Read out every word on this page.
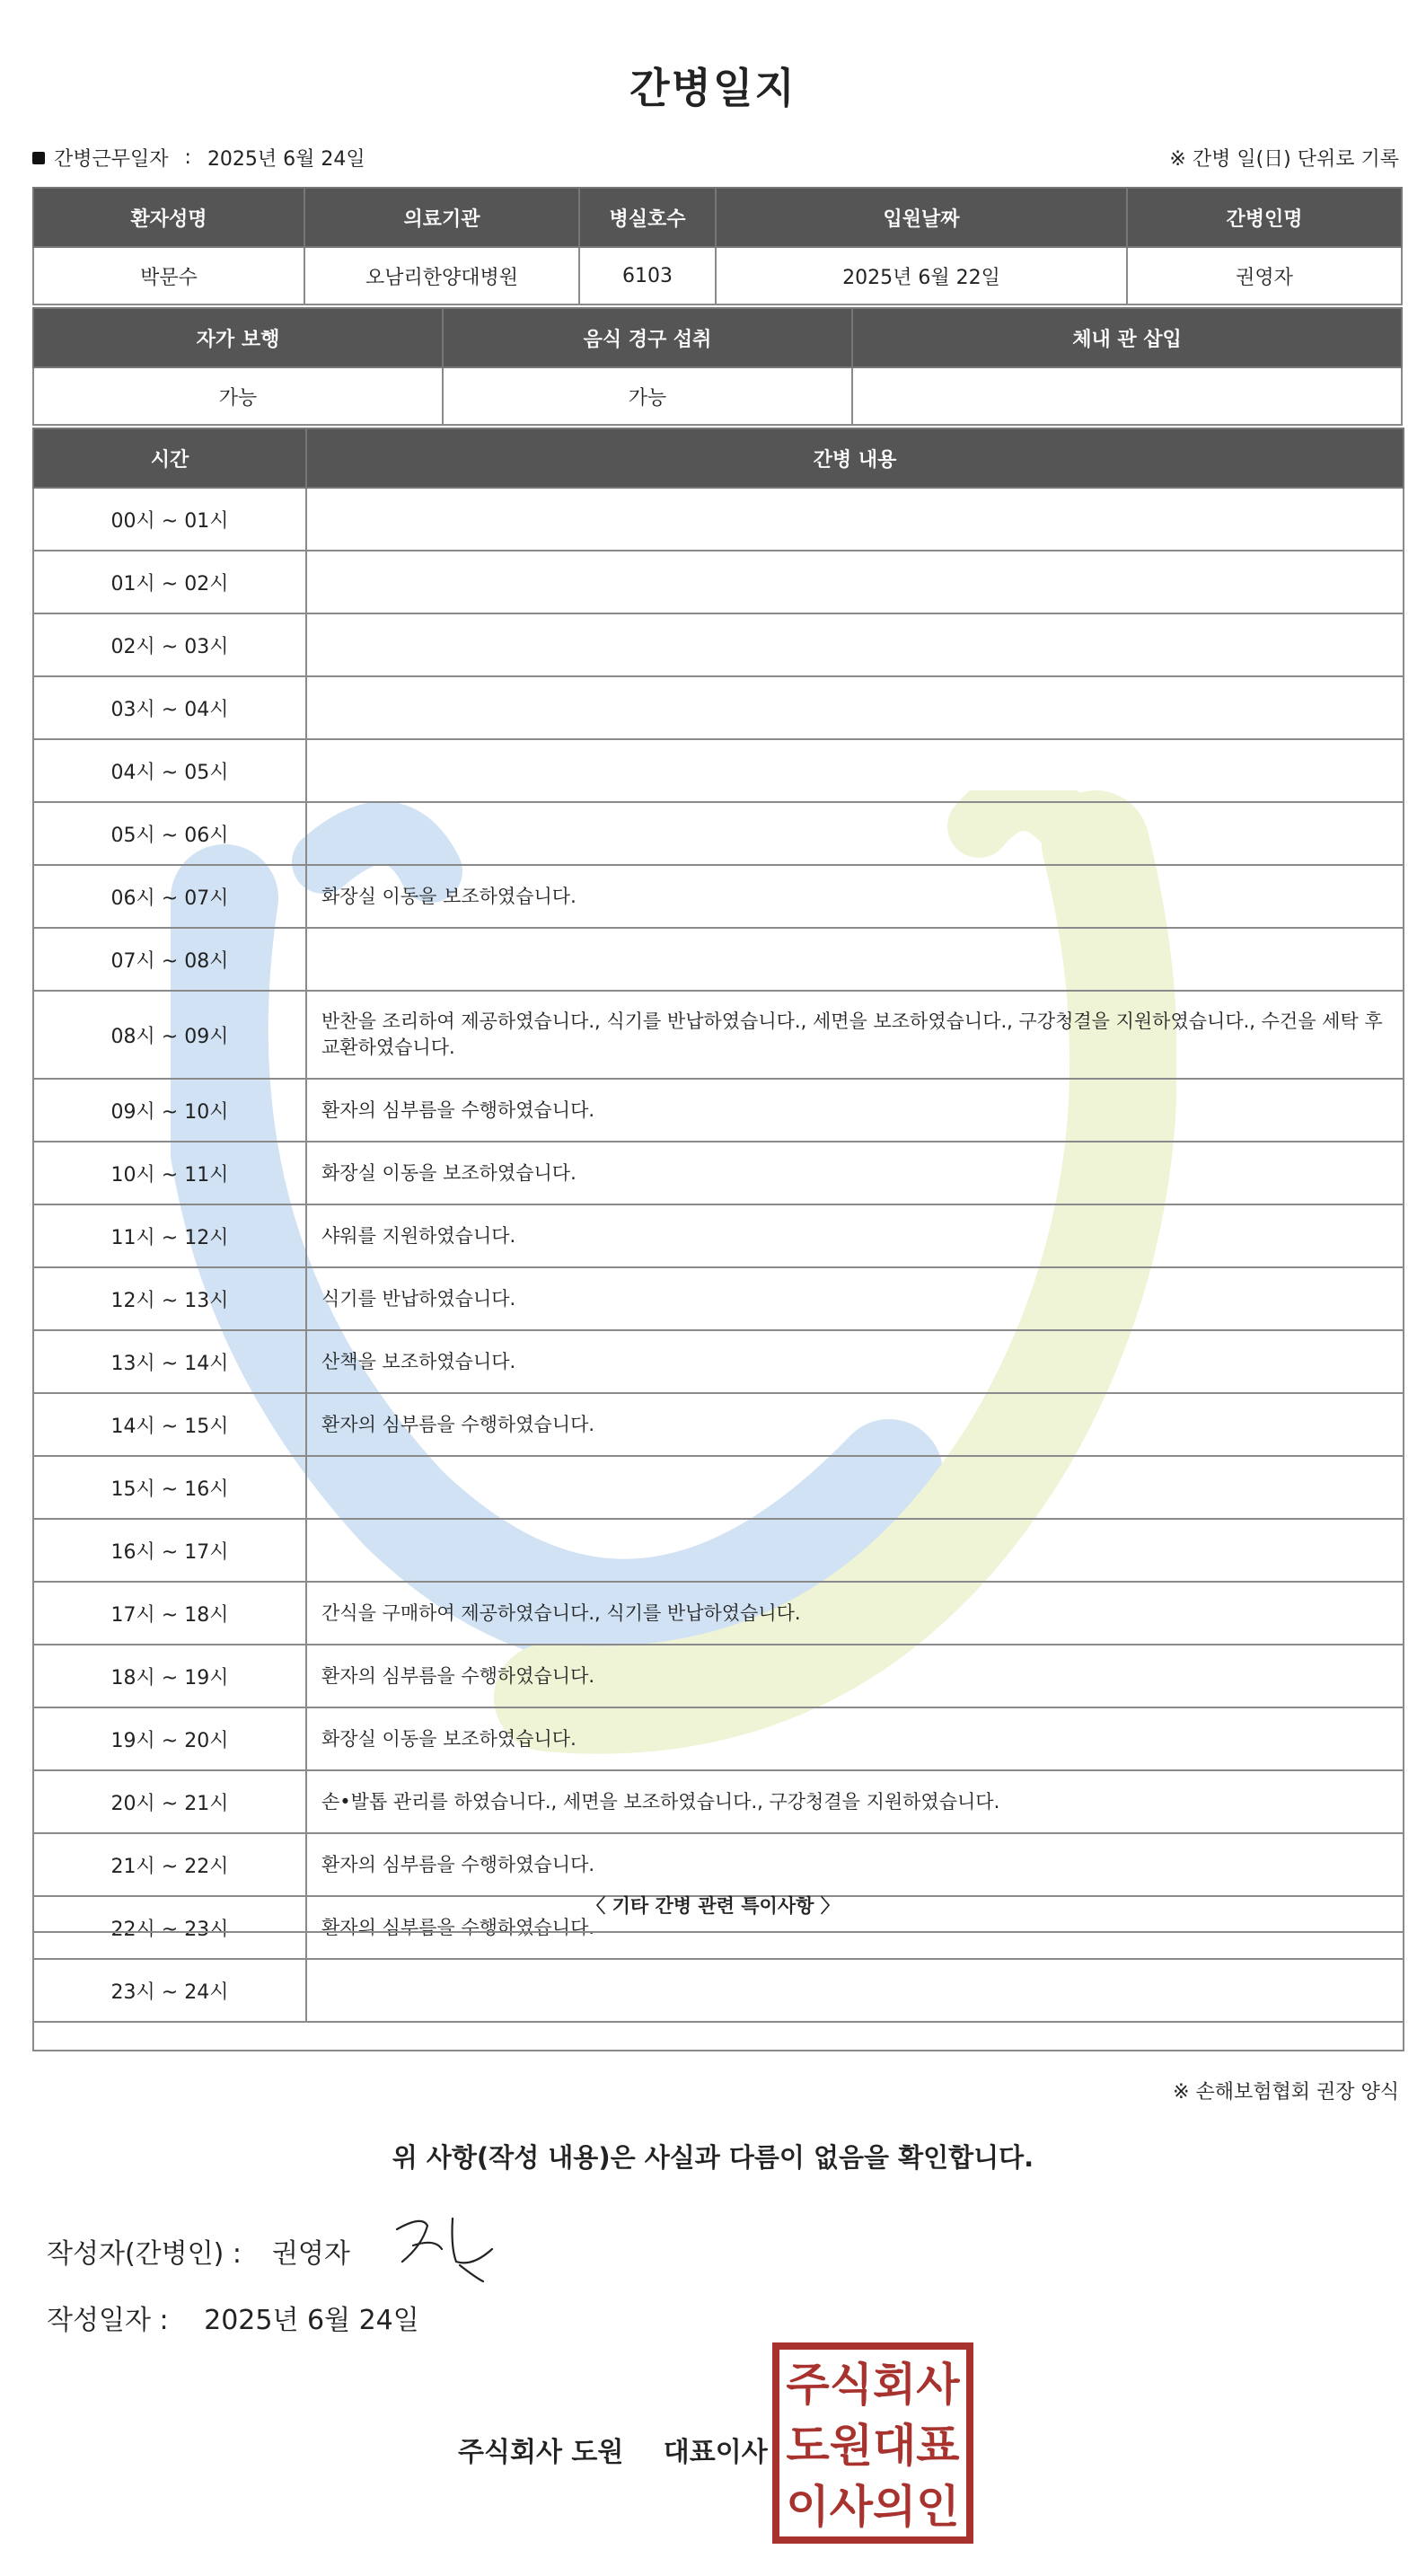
간병일지
간병근무일자 : 2025년 6월 24일	※ 간병 일(日) 단위로 기록
환자성명	의료기관	병실호수	입원날짜	간병인명
박문수	오남리한양대병원	6103	2025년 6월 22일	권영자
자가 보행	음식 경구 섭취	체내 관 삽입
가능	가능	
시간	간병 내용
00시 ~ 01시	
01시 ~ 02시	
02시 ~ 03시	
03시 ~ 04시	
04시 ~ 05시	
05시 ~ 06시	
06시 ~ 07시	화장실 이동을 보조하였습니다.
07시 ~ 08시	
08시 ~ 09시	반찬을 조리하여 제공하였습니다., 식기를 반납하였습니다., 세면을 보조하였습니다., 구강청결을 지원하였습니다., 수건을 세탁 후 교환하였습니다.
09시 ~ 10시	환자의 심부름을 수행하였습니다.
10시 ~ 11시	화장실 이동을 보조하였습니다.
11시 ~ 12시	샤워를 지원하였습니다.
12시 ~ 13시	식기를 반납하였습니다.
13시 ~ 14시	산책을 보조하였습니다.
14시 ~ 15시	환자의 심부름을 수행하였습니다.
15시 ~ 16시	
16시 ~ 17시	
17시 ~ 18시	간식을 구매하여 제공하였습니다., 식기를 반납하였습니다.
18시 ~ 19시	환자의 심부름을 수행하였습니다.
19시 ~ 20시	화장실 이동을 보조하였습니다.
20시 ~ 21시	손•발톱 관리를 하였습니다., 세면을 보조하였습니다., 구강청결을 지원하였습니다.
21시 ~ 22시	환자의 심부름을 수행하였습니다.
22시 ~ 23시	환자의 심부름을 수행하였습니다.
23시 ~ 24시	
〈 기타 간병 관련 특이사항 〉
※ 손해보험협회 권장 양식
위 사항(작성 내용)은 사실과 다름이 없음을 확인합니다.
작성자(간병인) : 권영자
작성일자 : 2025년 6월 24일
주식회사 도원 대표이사
주식회사
도원대표
이사의인
